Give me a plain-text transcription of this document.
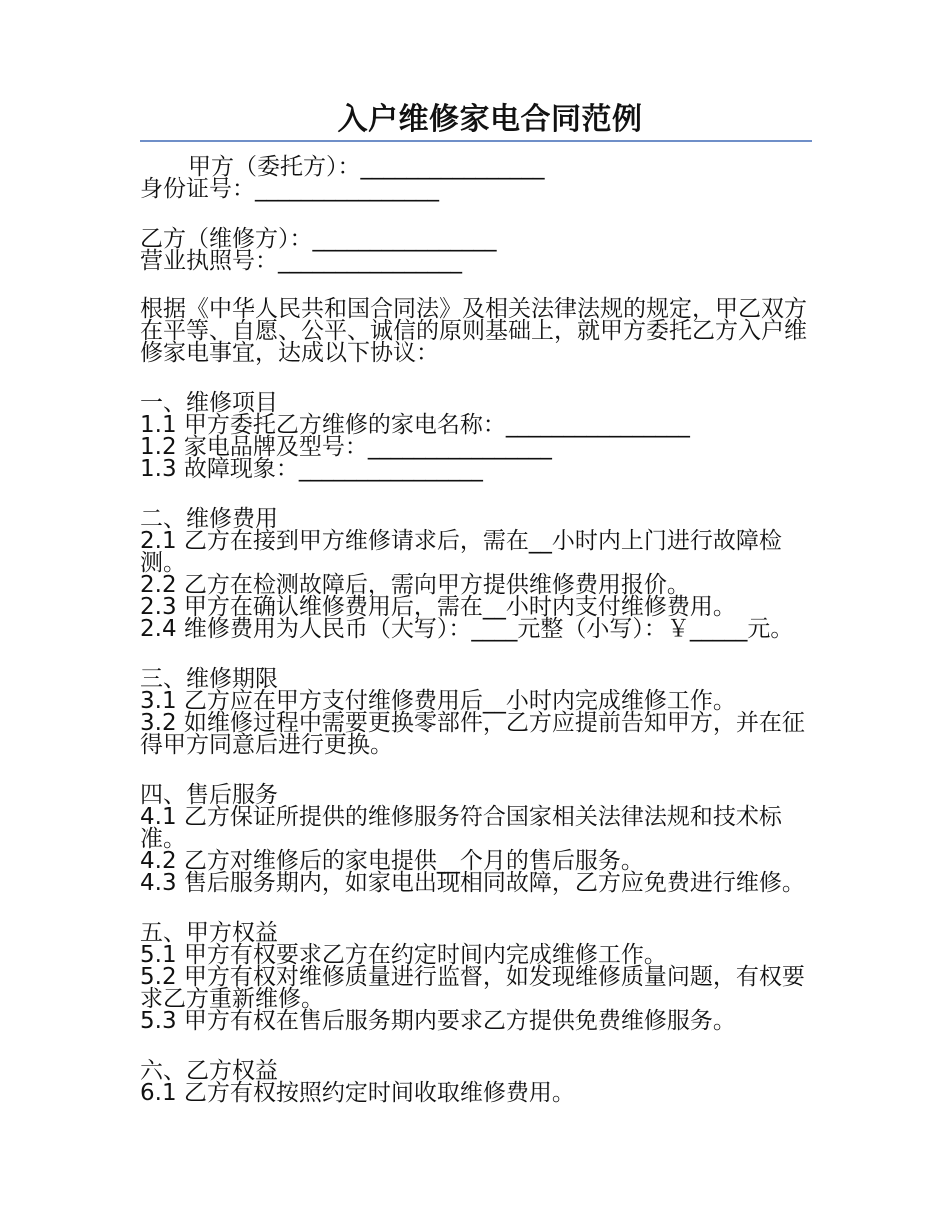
入户维修家电合同范例

甲方（委托方）：________________

身份证号：________________

乙方（维修方）：________________

营业执照号：________________

根据《中华人民共和国合同法》及相关法律法规的规定，甲乙双方在平等、自愿、公平、诚信的原则基础上，就甲方委托乙方入户维修家电事宜，达成以下协议：

一、维修项目

1.1 甲方委托乙方维修的家电名称：________________

1.2 家电品牌及型号：________________

1.3 故障现象：________________

二、维修费用

2.1 乙方在接到甲方维修请求后，需在__小时内上门进行故障检测。

2.2 乙方在检测故障后，需向甲方提供维修费用报价。

2.3 甲方在确认维修费用后，需在__小时内支付维修费用。

2.4 维修费用为人民币（大写）：____元整（小写）：￥_____元。

三、维修期限

3.1 乙方应在甲方支付维修费用后__小时内完成维修工作。

3.2 如维修过程中需要更换零部件，乙方应提前告知甲方，并在征得甲方同意后进行更换。

四、售后服务

4.1 乙方保证所提供的维修服务符合国家相关法律法规和技术标准。

4.2 乙方对维修后的家电提供__个月的售后服务。

4.3 售后服务期内，如家电出现相同故障，乙方应免费进行维修。

五、甲方权益

5.1 甲方有权要求乙方在约定时间内完成维修工作。

5.2 甲方有权对维修质量进行监督，如发现维修质量问题，有权要求乙方重新维修。

5.3 甲方有权在售后服务期内要求乙方提供免费维修服务。

六、乙方权益

6.1 乙方有权按照约定时间收取维修费用。
